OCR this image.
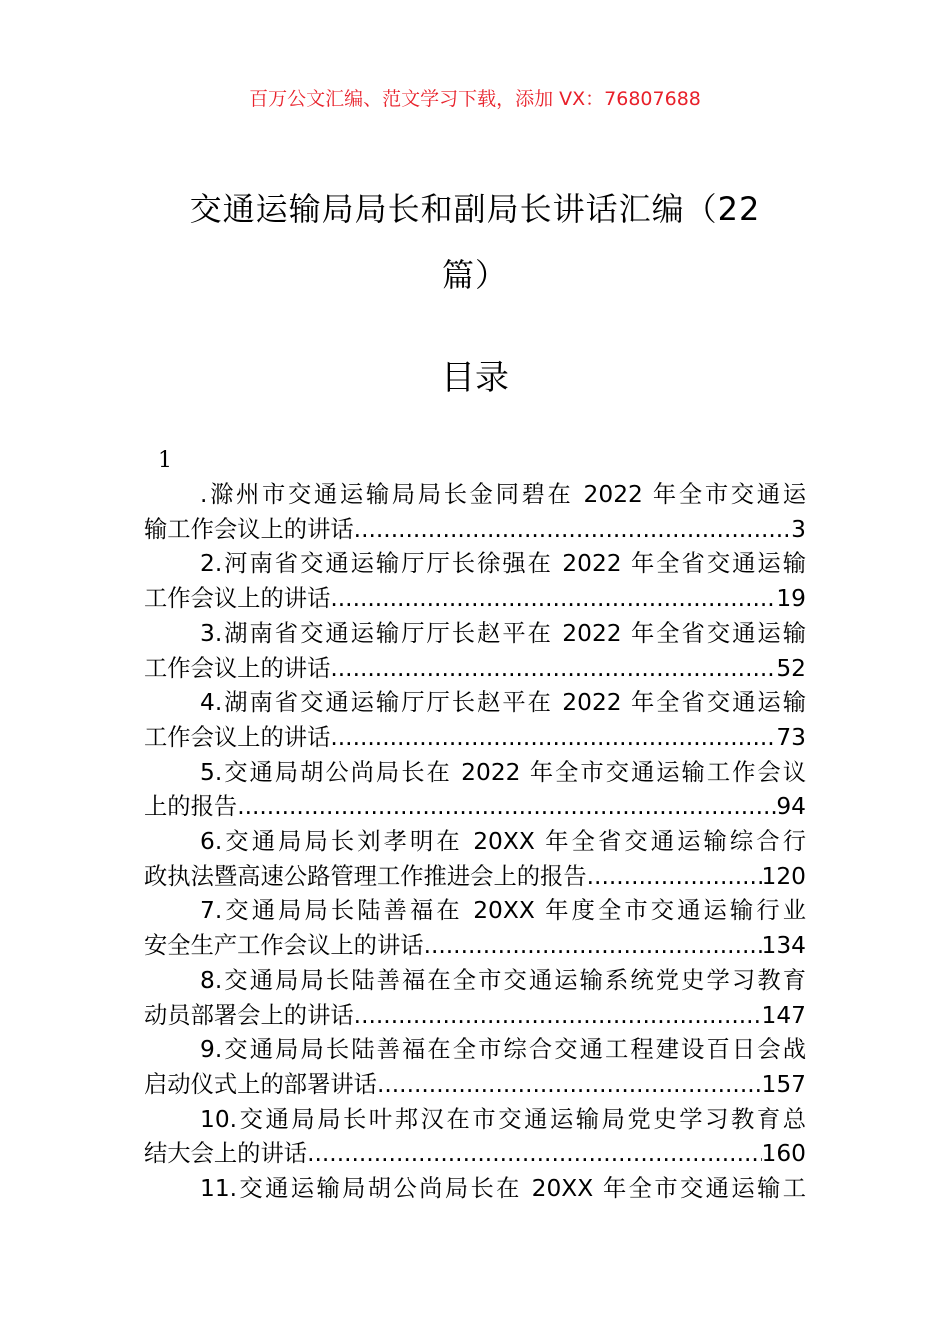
百万公文汇编、范文学习下载，添加 VX：76807688
交通运输局局长和副局长讲话汇编（22
篇）
目录
1
.滁州市交通运输局局长金同碧在 2022 年全市交通运
输工作会议上的讲话 .....	3
2.河南省交通运输厅厅长徐强在 2022 年全省交通运输
工作会议上的讲话 .....	19
3.湖南省交通运输厅厅长赵平在 2022 年全省交通运输
工作会议上的讲话 .....	52
4.湖南省交通运输厅厅长赵平在 2022 年全省交通运输
工作会议上的讲话 .....	73
5.交通局胡公尚局长在 2022 年全市交通运输工作会议
上的报告 .....	94
6.交通局局长刘孝明在 20XX 年全省交通运输综合行
政执法暨高速公路管理工作推进会上的报告 .....	120
7.交通局局长陆善福在 20XX 年度全市交通运输行业
安全生产工作会议上的讲话 .....	134
8.交通局局长陆善福在全市交通运输系统党史学习教育
动员部署会上的讲话 .....	147
9.交通局局长陆善福在全市综合交通工程建设百日会战
启动仪式上的部署讲话 .....	157
10.交通局局长叶邦汉在市交通运输局党史学习教育总
结大会上的讲话 .....	160
11.交通运输局胡公尚局长在 20XX 年全市交通运输工
